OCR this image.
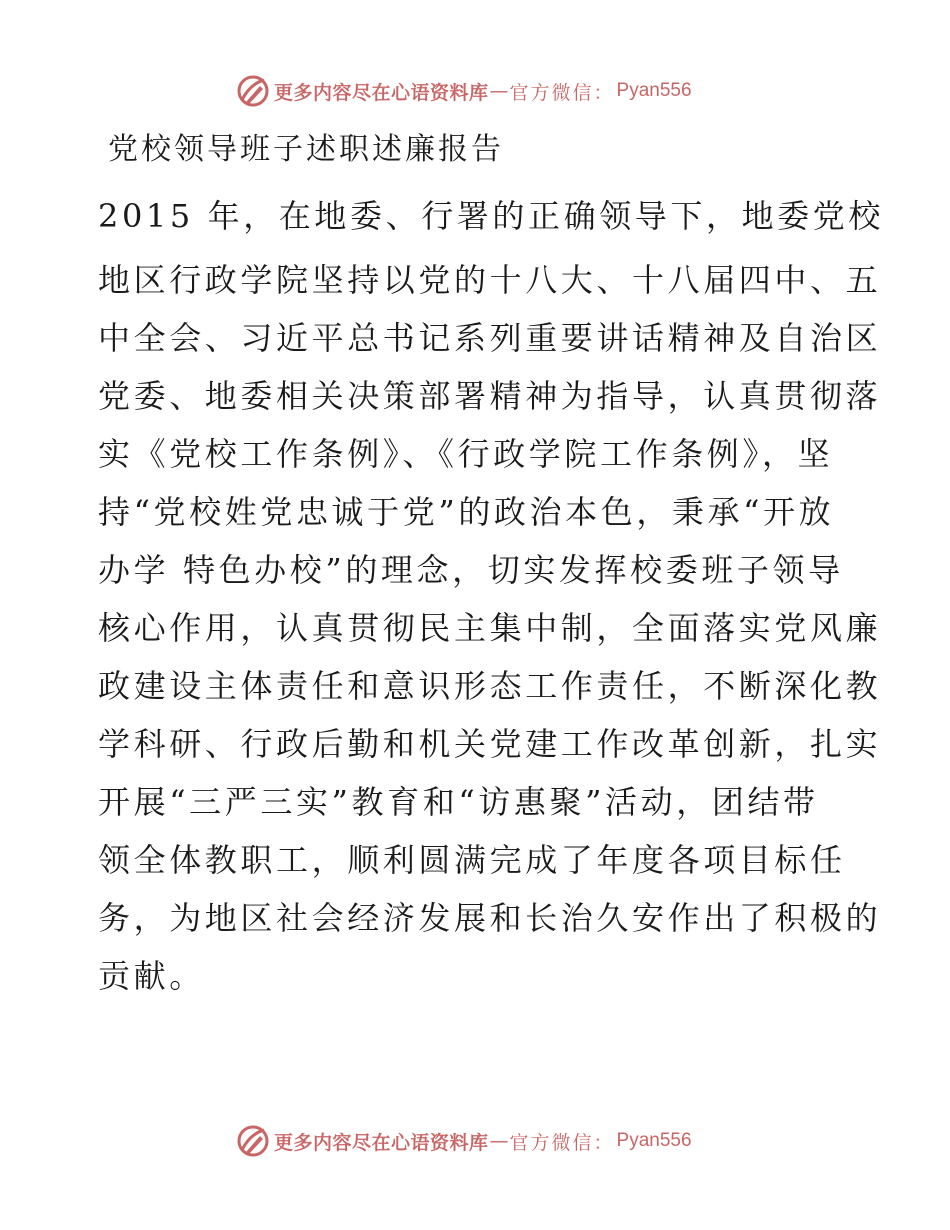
更多内容尽在心语资料库 — 官方微信： Pyan556
党校领导班子述职述廉报告
2015 年，在地委、行署的正确领导下，地委党校
地区行政学院坚持以党的十八大、十八届四中、五
中全会、习近平总书记系列重要讲话精神及自治区
党委、地委相关决策部署精神为指导，认真贯彻落
实《党校工作条例》、《行政学院工作条例》，坚
持“党校姓党忠诚于党”的政治本色，秉承“开放
办学 特色办校”的理念，切实发挥校委班子领导
核心作用，认真贯彻民主集中制，全面落实党风廉
政建设主体责任和意识形态工作责任，不断深化教
学科研、行政后勤和机关党建工作改革创新，扎实
开展“三严三实”教育和“访惠聚”活动，团结带
领全体教职工，顺利圆满完成了年度各项目标任
务，为地区社会经济发展和长治久安作出了积极的
贡献。
更多内容尽在心语资料库 — 官方微信： Pyan556
